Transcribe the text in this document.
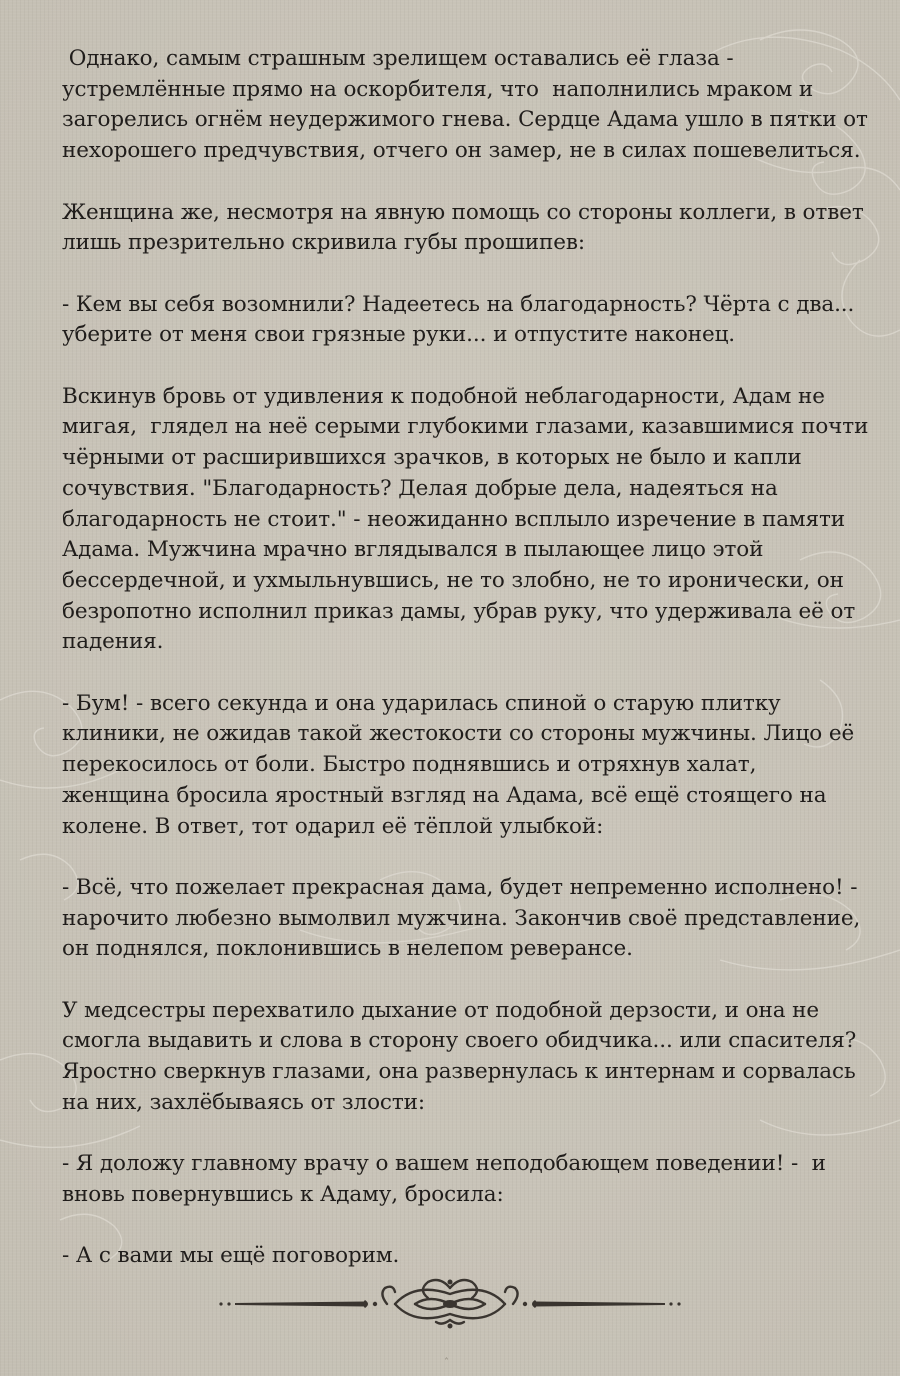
Однако, самым страшным зрелищем оставались её глаза -

устремлённые прямо на оскорбителя, что  наполнились мраком и

загорелись огнём неудержимого гнева. Сердце Адама ушло в пятки от

нехорошего предчувствия, отчего он замер, не в силах пошевелиться.

Женщина же, несмотря на явную помощь со стороны коллеги, в ответ

лишь презрительно скривила губы прошипев:

- Кем вы себя возомнили? Надеетесь на благодарность? Чёрта с два...

уберите от меня свои грязные руки... и отпустите наконец.

Вскинув бровь от удивления к подобной неблагодарности, Адам не

мигая,  глядел на неё серыми глубокими глазами, казавшимися почти

чёрными от расширившихся зрачков, в которых не было и капли

сочувствия. "Благодарность? Делая добрые дела, надеяться на

благодарность не стоит." - неожиданно всплыло изречение в памяти

Адама. Мужчина мрачно вглядывался в пылающее лицо этой

бессердечной, и ухмыльнувшись, не то злобно, не то иронически, он

безропотно исполнил приказ дамы, убрав руку, что удерживала её от

падения.

- Бум! - всего секунда и она ударилась спиной о старую плитку

клиники, не ожидав такой жестокости со стороны мужчины. Лицо её

перекосилось от боли. Быстро поднявшись и отряхнув халат,

женщина бросила яростный взгляд на Адама, всё ещё стоящего на

колене. В ответ, тот одарил её тёплой улыбкой:

- Всё, что пожелает прекрасная дама, будет непременно исполнено! -

нарочито любезно вымолвил мужчина. Закончив своё представление,

он поднялся, поклонившись в нелепом реверансе.

У медсестры перехватило дыхание от подобной дерзости, и она не

смогла выдавить и слова в сторону своего обидчика... или спасителя?

Яростно сверкнув глазами, она развернулась к интернам и сорвалась

на них, захлёбываясь от злости:

- Я доложу главному врачу о вашем неподобающем поведении! -  и

вновь повернувшись к Адаму, бросила:

- А с вами мы ещё поговорим.

ˆ
